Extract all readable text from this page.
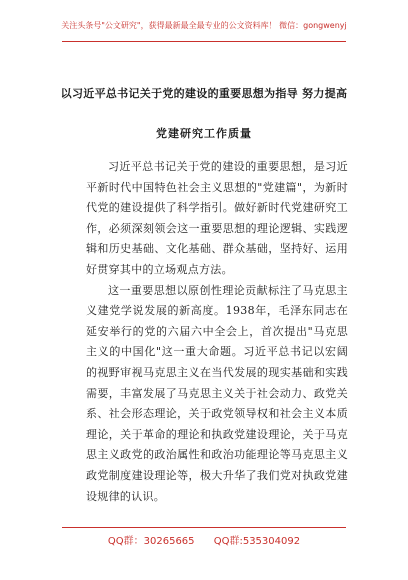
关注头条号"公文研究"，获得最新最全最专业的公文资料库！ 微信：gongwenyj
以习近平总书记关于党的建设的重要思想为指导 努力提高
党建研究工作质量

习近平总书记关于党的建设的重要思想，是习近平新时代中国特色社会主义思想的"党建篇"，为新时代党的建设提供了科学指引。做好新时代党建研究工作，必须深刻领会这一重要思想的理论逻辑、实践逻辑和历史基础、文化基础、群众基础，坚持好、运用好贯穿其中的立场观点方法。

这一重要思想以原创性理论贡献标注了马克思主义建党学说发展的新高度。1938年，毛泽东同志在延安举行的党的六届六中全会上，首次提出"马克思主义的中国化"这一重大命题。习近平总书记以宏阔的视野审视马克思主义在当代发展的现实基础和实践需要，丰富发展了马克思主义关于社会动力、政党关系、社会形态理论，关于政党领导权和社会主义本质理论，关于革命的理论和执政党建设理论，关于马克思主义政党的政治属性和政治功能理论等马克思主义政党制度建设理论等，极大升华了我们党对执政党建设规律的认识。

QQ群：30265665 QQ群:535304092
